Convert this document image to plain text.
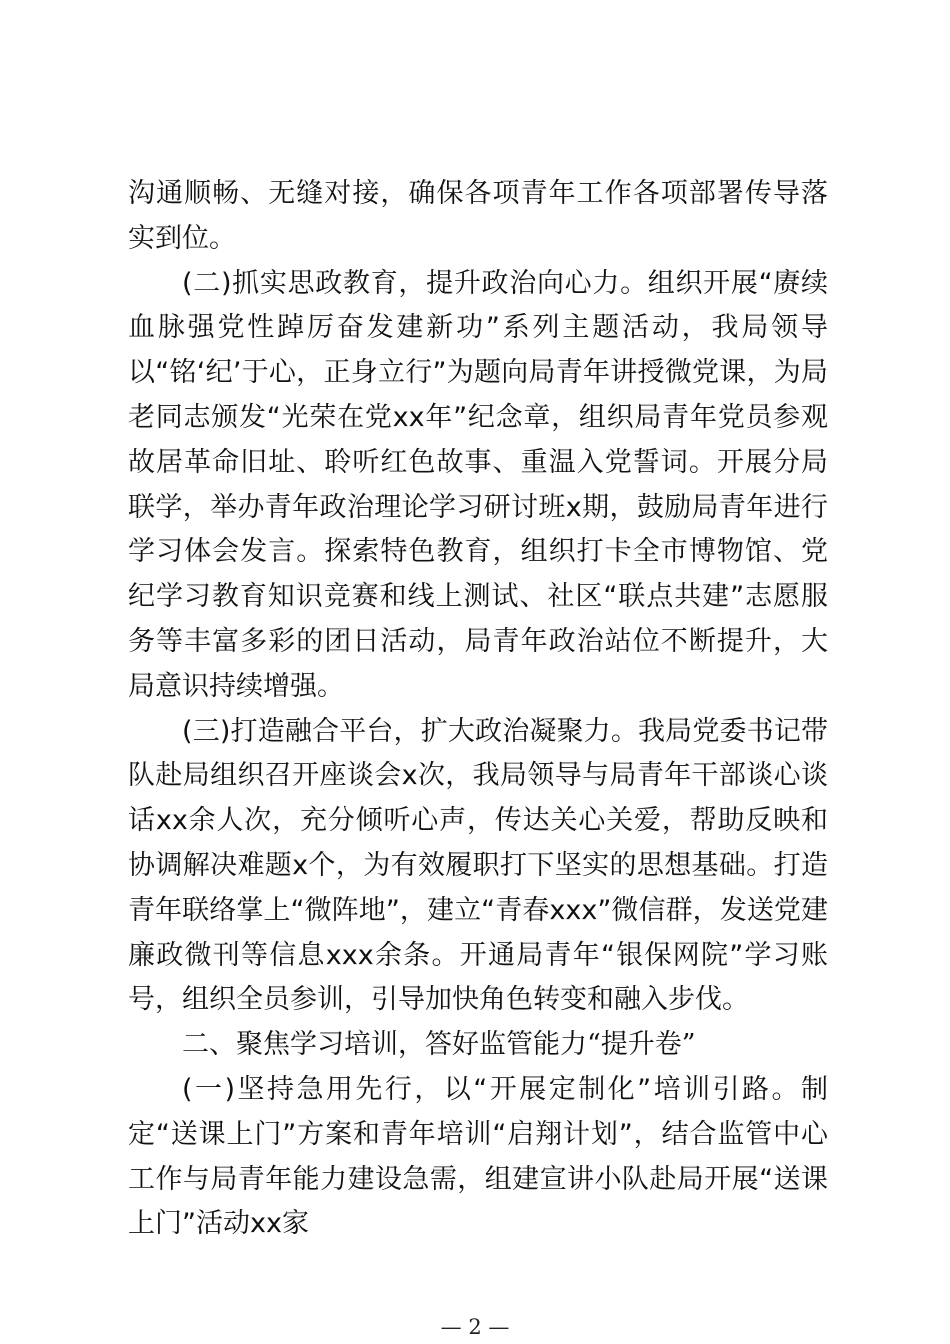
沟通顺畅、无缝对接，确保各项青年工作各项部署传导落实到位。

(二)抓实思政教育，提升政治向心力。组织开展“赓续血脉强党性踔厉奋发建新功”系列主题活动，我局领导以“铭‘纪’于心，正身立行”为题向局青年讲授微党课，为局老同志颁发“光荣在党xx年”纪念章，组织局青年党员参观故居革命旧址、聆听红色故事、重温入党誓词。开展分局联学，举办青年政治理论学习研讨班x期，鼓励局青年进行学习体会发言。探索特色教育，组织打卡全市博物馆、党纪学习教育知识竞赛和线上测试、社区“联点共建”志愿服务等丰富多彩的团日活动，局青年政治站位不断提升，大局意识持续增强。

(三)打造融合平台，扩大政治凝聚力。我局党委书记带队赴局组织召开座谈会x次，我局领导与局青年干部谈心谈话xx余人次，充分倾听心声，传达关心关爱，帮助反映和协调解决难题x个，为有效履职打下坚实的思想基础。打造青年联络掌上“微阵地”，建立“青春xxx”微信群，发送党建廉政微刊等信息xxx余条。开通局青年“银保网院”学习账号，组织全员参训，引导加快角色转变和融入步伐。

二、聚焦学习培训，答好监管能力“提升卷”

(一)坚持急用先行，以“开展定制化”培训引路。制定“送课上门”方案和青年培训“启翔计划”，结合监管中心工作与局青年能力建设急需，组建宣讲小队赴局开展“送课上门”活动xx家

— 2 —
